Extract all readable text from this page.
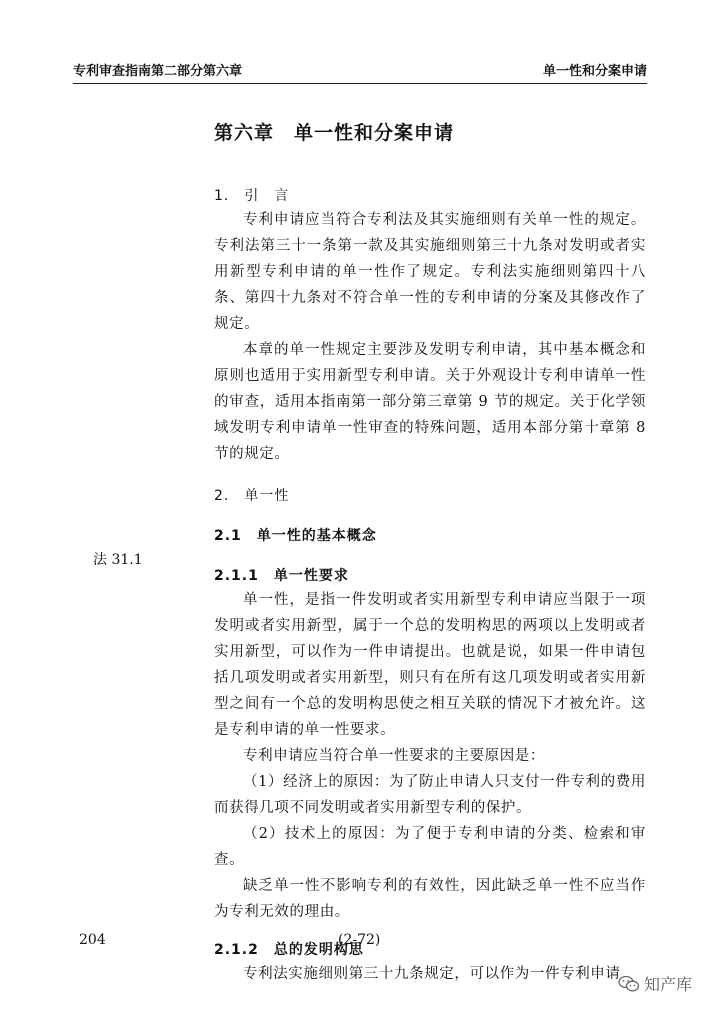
专利审查指南第二部分第六章	单一性和分案申请
第六章　单一性和分案申请
1.　引　言

专利申请应当符合专利法及其实施细则有关单一性的规定。专利法第三十一条第一款及其实施细则第三十九条对发明或者实用新型专利申请的单一性作了规定。专利法实施细则第四十八条、第四十九条对不符合单一性的专利申请的分案及其修改作了规定。

本章的单一性规定主要涉及发明专利申请，其中基本概念和原则也适用于实用新型专利申请。关于外观设计专利申请单一性的审查，适用本指南第一部分第三章第 9 节的规定。关于化学领域发明专利申请单一性审查的特殊问题，适用本部分第十章第 8 节的规定。

2.　单一性
2.1　单一性的基本概念
2.1.1　单一性要求

单一性，是指一件发明或者实用新型专利申请应当限于一项发明或者实用新型，属于一个总的发明构思的两项以上发明或者实用新型，可以作为一件申请提出。也就是说，如果一件申请包括几项发明或者实用新型，则只有在所有这几项发明或者实用新型之间有一个总的发明构思使之相互关联的情况下才被允许。这是专利申请的单一性要求。

专利申请应当符合单一性要求的主要原因是：

（1）经济上的原因：为了防止申请人只支付一件专利的费用而获得几项不同发明或者实用新型专利的保护。

（2）技术上的原因：为了便于专利申请的分类、检索和审查。

缺乏单一性不影响专利的有效性，因此缺乏单一性不应当作为专利无效的理由。

2.1.2　总的发明构思

专利法实施细则第三十九条规定，可以作为一件专利申请

法 31.1
204	(2-72)
知产库
